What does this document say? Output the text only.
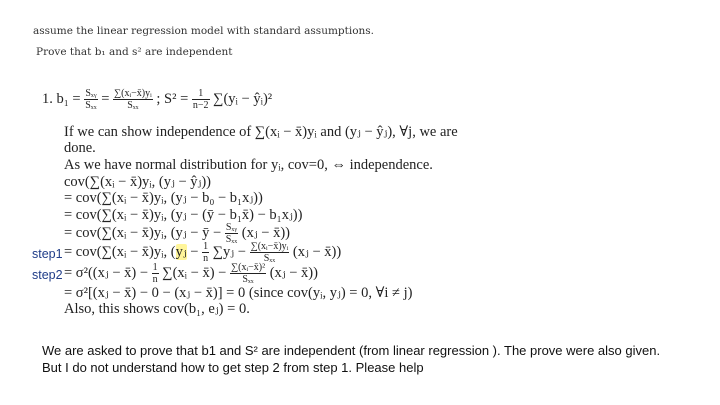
assume the linear regression model with standard assumptions.
Prove that b₁ and s² are independent
1. $b_1 = \frac{\text{Sₓᵧ}}{\text{Sₓₓ}} = \frac{\text{∑(xᵢ−x̄)yᵢ}}{\text{Sₓₓ}}$ ; $S^2 = \frac{1}{n-2}$ ∑(yᵢ − ŷᵢ)²
If we can show independence of ∑(xᵢ − x̄)yᵢ and (yⱼ − ŷⱼ), ∀j, we are
done.
As we have normal distribution for yᵢ, cov=0, ⇔ independence.
cov(∑(xᵢ − x̄)yᵢ, (yⱼ − ŷⱼ))
= cov(∑(xᵢ − x̄)yᵢ, (yⱼ − b₀ − b₁xⱼ))
= cov(∑(xᵢ − x̄)yᵢ, (yⱼ − (ȳ − b₁x̄) − b₁xⱼ))
= cov(∑(xᵢ − x̄)yᵢ, (yⱼ − ȳ − $\frac{\text{Sₓᵧ}}{\text{Sₓₓ}}$ (xⱼ − x̄))
step1 = cov(∑(xᵢ − x̄)yᵢ, (yⱼ − $\frac{1}{n}$ ∑yⱼ − $\frac{\text{∑(xᵢ−x̄)yᵢ}}{\text{Sₓₓ}}$ (xⱼ − x̄))
step2 = σ²((xⱼ − x̄) − $\frac{1}{n}$ ∑(xᵢ − x̄) − $\frac{\text{∑(xᵢ−x̄)²}}{\text{Sₓₓ}}$ (xⱼ − x̄))
= σ²[(xⱼ − x̄) − 0 − (xⱼ − x̄)] = 0 (since cov(yᵢ, yⱼ) = 0, ∀i ≠ j)
Also, this shows cov(b₁, eⱼ) = 0.
We are asked to prove that b1 and S² are independent (from linear regression ). The prove were also given.
But I do not understand how to get step 2 from step 1. Please help
